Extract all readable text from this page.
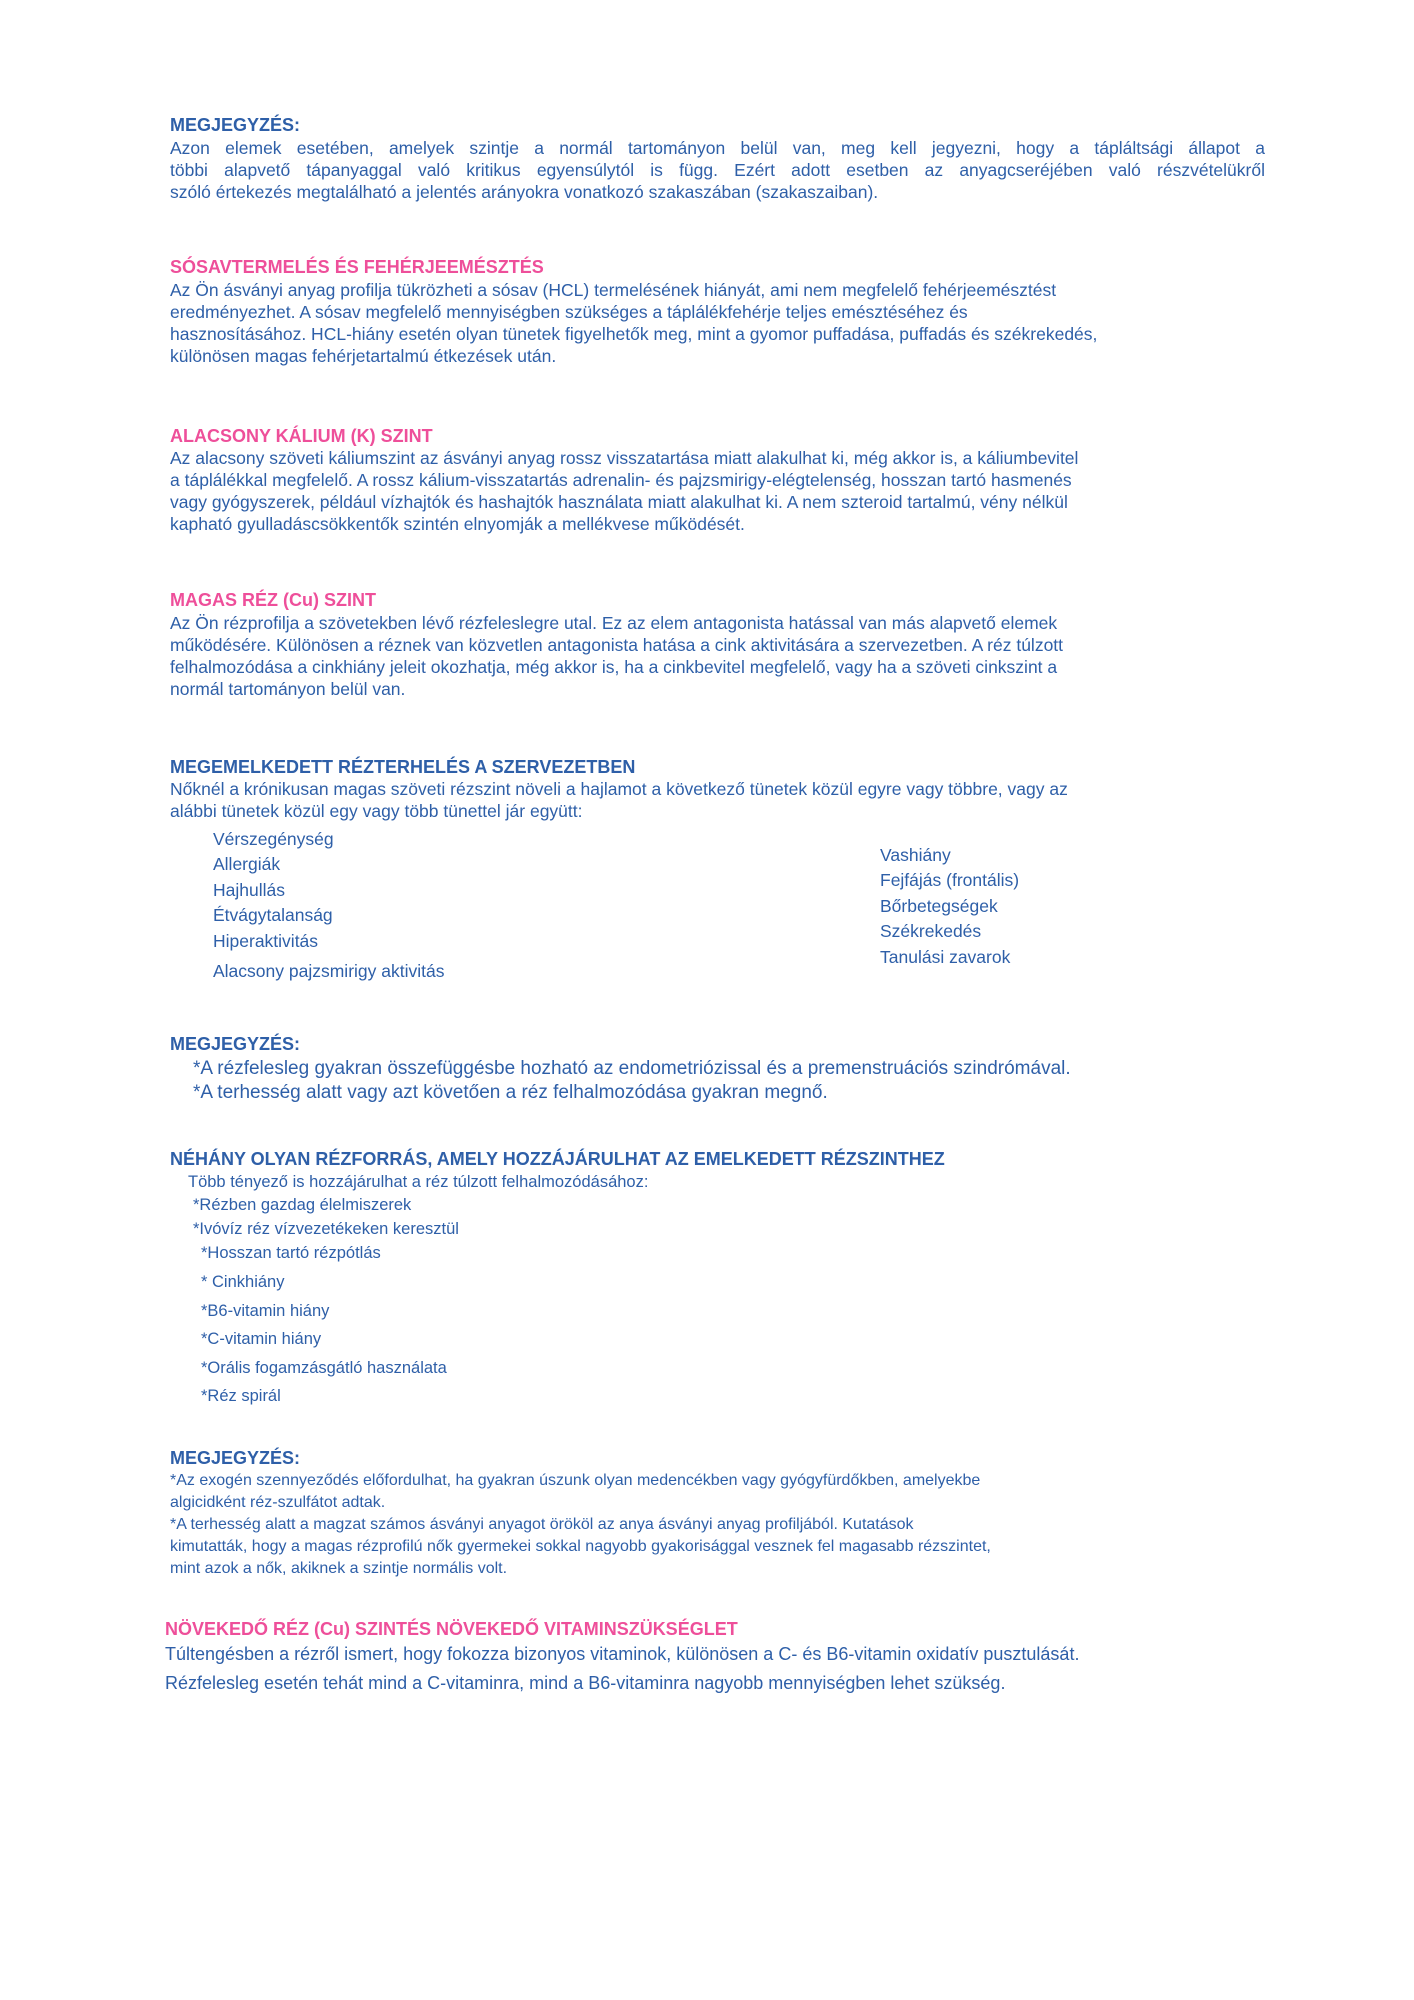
MEGJEGYZÉS:
Azon elemek esetében, amelyek szintje a normál tartományon belül van, meg kell jegyezni, hogy a tápláltsági állapot a
többi alapvető tápanyaggal való kritikus egyensúlytól is függ. Ezért adott esetben az anyagcseréjében való részvételükről
szóló értekezés megtalálható a jelentés arányokra vonatkozó szakaszában (szakaszaiban).
SÓSAVTERMELÉS ÉS FEHÉRJEEMÉSZTÉS
Az Ön ásványi anyag profilja tükrözheti a sósav (HCL) termelésének hiányát, ami nem megfelelő fehérjeemésztést
eredményezhet. A sósav megfelelő mennyiségben szükséges a táplálékfehérje teljes emésztéséhez és
hasznosításához. HCL-hiány esetén olyan tünetek figyelhetők meg, mint a gyomor puffadása, puffadás és székrekedés,
különösen magas fehérjetartalmú étkezések után.
ALACSONY KÁLIUM (K) SZINT
Az alacsony szöveti káliumszint az ásványi anyag rossz visszatartása miatt alakulhat ki, még akkor is, a káliumbevitel
a táplálékkal megfelelő. A rossz kálium-visszatartás adrenalin- és pajzsmirigy-elégtelenség, hosszan tartó hasmenés
vagy gyógyszerek, például vízhajtók és hashajtók használata miatt alakulhat ki. A nem szteroid tartalmú, vény nélkül
kapható gyulladáscsökkentők szintén elnyomják a mellékvese működését.
MAGAS RÉZ (Cu) SZINT
Az Ön rézprofilja a szövetekben lévő rézfeleslegre utal. Ez az elem antagonista hatással van más alapvető elemek
működésére. Különösen a réznek van közvetlen antagonista hatása a cink aktivitására a szervezetben. A réz túlzott
felhalmozódása a cinkhiány jeleit okozhatja, még akkor is, ha a cinkbevitel megfelelő, vagy ha a szöveti cinkszint a
normál tartományon belül van.
MEGEMELKEDETT RÉZTERHELÉS A SZERVEZETBEN
Nőknél a krónikusan magas szöveti rézszint növeli a hajlamot a következő tünetek közül egyre vagy többre, vagy az
alábbi tünetek közül egy vagy több tünettel jár együtt:
Vérszegénység
Allergiák
Hajhullás
Étvágytalanság
Hiperaktivitás
Alacsony pajzsmirigy aktivitás
Vashiány
Fejfájás (frontális)
Bőrbetegségek
Székrekedés
Tanulási zavarok
MEGJEGYZÉS:
*A rézfelesleg gyakran összefüggésbe hozható az endometriózissal és a premenstruációs szindrómával.
*A terhesség alatt vagy azt követően a réz felhalmozódása gyakran megnő.
NÉHÁNY OLYAN RÉZFORRÁS, AMELY HOZZÁJÁRULHAT AZ EMELKEDETT RÉZSZINTHEZ
Több tényező is hozzájárulhat a réz túlzott felhalmozódásához:
*Rézben gazdag élelmiszerek
*Ivóvíz réz vízvezetékeken keresztül
*Hosszan tartó rézpótlás
* Cinkhiány
*B6-vitamin hiány
*C-vitamin hiány
*Orális fogamzásgátló használata
*Réz spirál
MEGJEGYZÉS:
*Az exogén szennyeződés előfordulhat, ha gyakran úszunk olyan medencékben vagy gyógyfürdőkben, amelyekbe
algicidként réz-szulfátot adtak.
*A terhesség alatt a magzat számos ásványi anyagot örököl az anya ásványi anyag profiljából. Kutatások
kimutatták, hogy a magas rézprofilú nők gyermekei sokkal nagyobb gyakorisággal vesznek fel magasabb rézszintet,
mint azok a nők, akiknek a szintje normális volt.
NÖVEKEDŐ RÉZ (Cu) SZINTÉS NÖVEKEDŐ VITAMINSZÜKSÉGLET
Túltengésben a rézről ismert, hogy fokozza bizonyos vitaminok, különösen a C- és B6-vitamin oxidatív pusztulását.
Rézfelesleg esetén tehát mind a C-vitaminra, mind a B6-vitaminra nagyobb mennyiségben lehet szükség.
